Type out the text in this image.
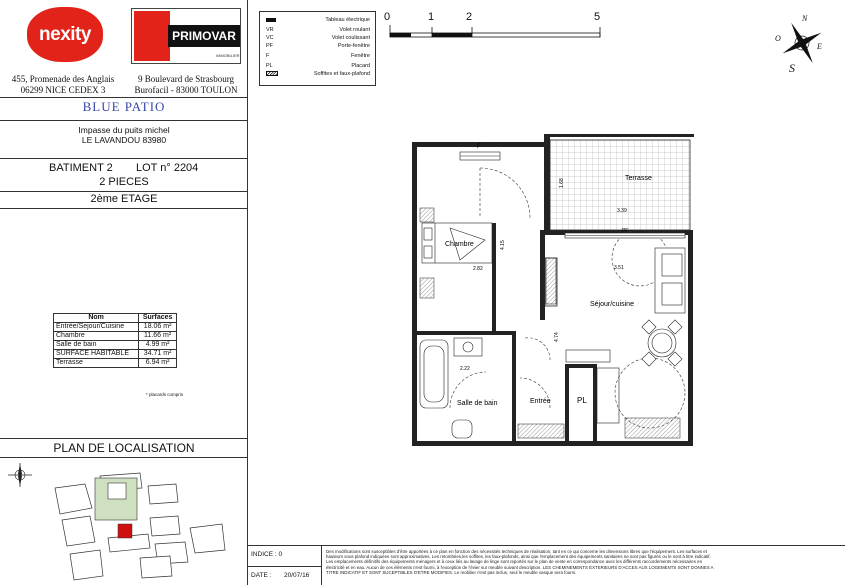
nexity	PRIMOVAR
IMMOBILIER
455, Promenade des Anglais
06299 NICE CEDEX 3
9 Boulevard de Strasbourg
Burofacil - 83000 TOULON
BLUE PATIO
Impasse du puits michel
LE LAVANDOU 83980
BATIMENT 2 LOT n° 2204
2 PIECES
2ème ETAGE
Nom	Surfaces
Entrée/Sejour/Cuisine	18.06 m²
Chambre	11.66 m²
Salle de bain	4.99 m²
SURFACE HABITABLE	34.71 m²
Terrasse	6.94 m²
* placards compris
PLAN DE LOCALISATION
Tableau électrique
VR	Volet roulant
VC	Volet coulissant
PF	Porte-fenêtre
F	Fenêtre
PL	Placard
Soffites et faux-plafond
0	1	2	5	N
E
S
O
Terrasse
Chambre
Séjour/cuisine
Salle de bain	Entrée	PL
2.82	3.51
2.22
3.39
4.74
4.15
1.68
F
PF
INDICE : 0
DATE : 20/07/16
Des modifications sont susceptibles d'être apportées à ce plan en fonction des nécessités techniques de réalisation, tant en ce qui concerne les dimensions libres que l'équipement. Les surfaces et
hauteurs sous plafond indiquées sont approximatives. Les retombées,les soffites, les faux-plafonds, ainsi que l'emplacement des équipements sanitaires ne sont pas figurés ou le sont à titre indicatif.
Les emplacements définitifs des équipements ménagers et à ceux liés au lavage de linge sont reportés sur le plan de vente en correspondance avec les différents raccordements nécessaires en
électricité et en eau. Aucun de ces éléments n'est fourni, à l'exception de l'évier sur meuble suivant description. LES CHEMINEMENTS EXTERIEURS D'ACCES AUX LOGEMENTS SONT DONNES A
TITRE INDICATIF ET SONT SUCEPTIBLES D'ETRE MODIFIES. Le mobilier n'est pas inclus, seul le meuble vasque sera fourni.
